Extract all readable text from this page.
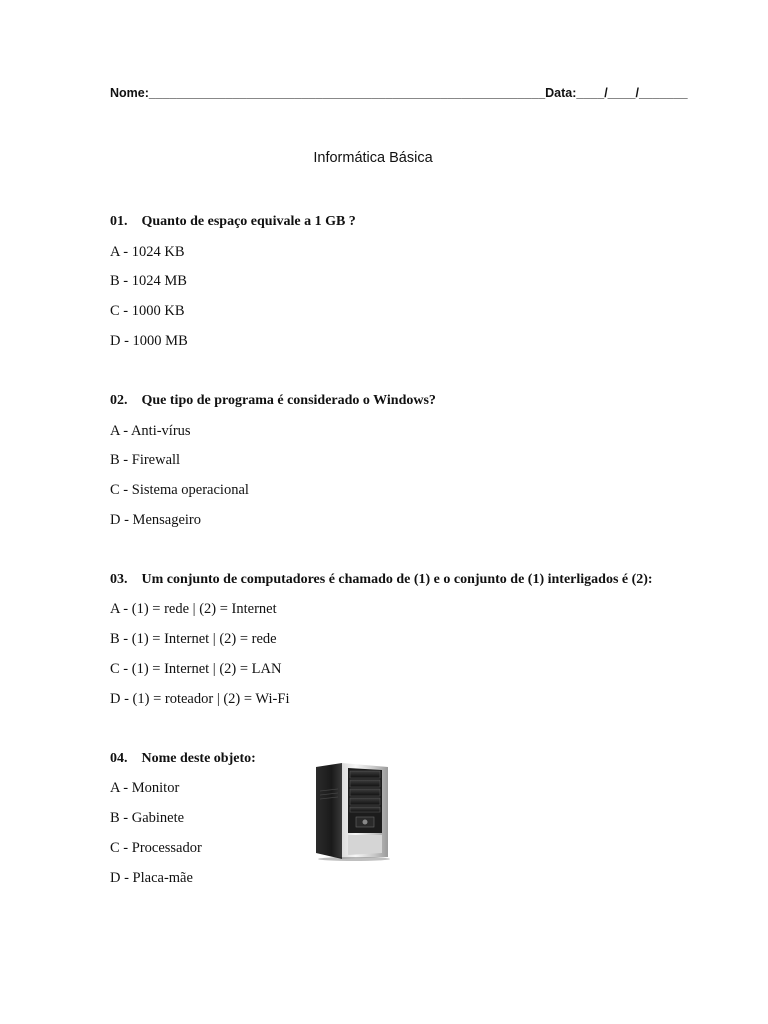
Nome:_________________________________________________________Data:____/____/_______
Informática Básica
01. Quanto de espaço equivale a 1 GB ?
A - 1024 KB
B - 1024 MB
C - 1000 KB
D - 1000 MB
02. Que tipo de programa é considerado o Windows?
A - Anti-vírus
B - Firewall
C - Sistema operacional
D - Mensageiro
03. Um conjunto de computadores é chamado de (1) e o conjunto de (1) interligados é (2):
A - (1) = rede | (2) = Internet
B - (1) = Internet | (2) = rede
C - (1) = Internet | (2) = LAN
D - (1) = roteador | (2) = Wi-Fi
04. Nome deste objeto:
A - Monitor
B - Gabinete
C - Processador
D - Placa-mãe
